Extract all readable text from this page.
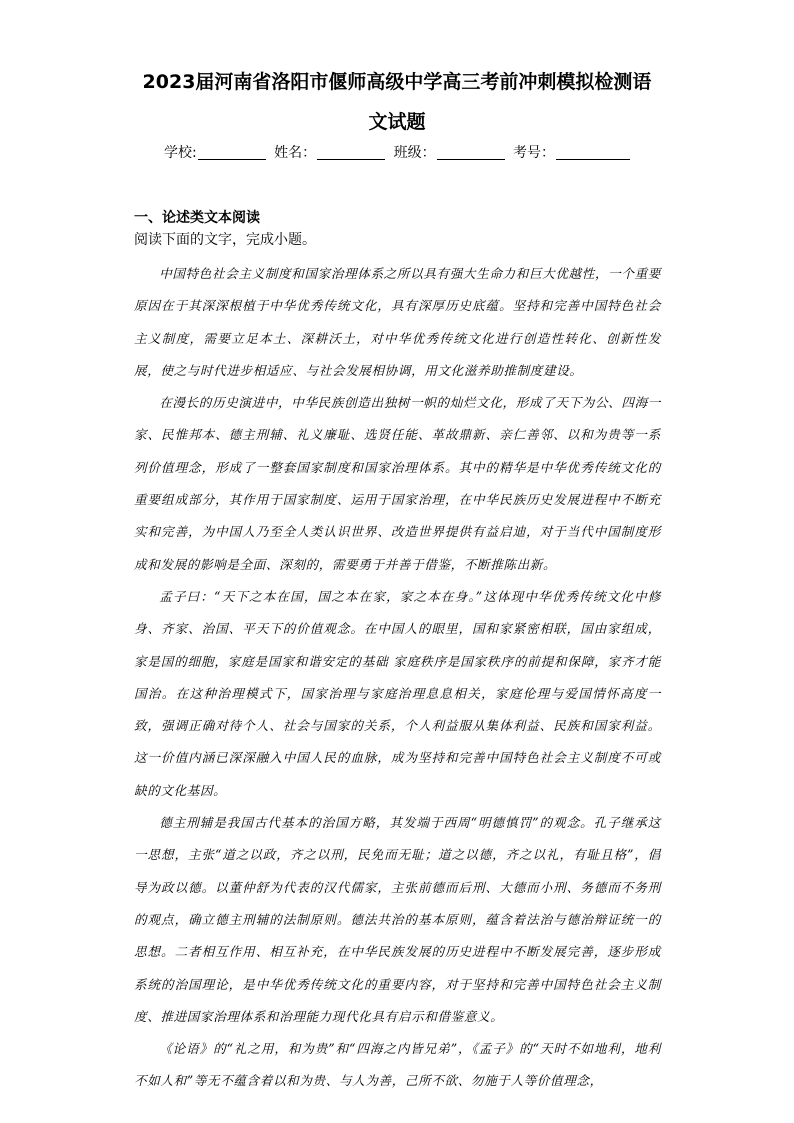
2023届河南省洛阳市偃师高级中学高三考前冲刺模拟检测语
文试题
学校:	姓名：	班级：	考号：
一、论述类文本阅读
阅读下面的文字，完成小题。

中国特色社会主义制度和国家治理体系之所以具有强大生命力和巨大优越性，一个重要原因在于其深深根植于中华优秀传统文化，具有深厚历史底蕴。坚持和完善中国特色社会主义制度，需要立足本土、深耕沃土，对中华优秀传统文化进行创造性转化、创新性发展，使之与时代进步相适应、与社会发展相协调，用文化滋养助推制度建设。

在漫长的历史演进中，中华民族创造出独树一帜的灿烂文化，形成了天下为公、四海一家、民惟邦本、德主刑辅、礼义廉耻、选贤任能、革故鼎新、亲仁善邻、以和为贵等一系列价值理念，形成了一整套国家制度和国家治理体系。其中的精华是中华优秀传统文化的重要组成部分，其作用于国家制度、运用于国家治理，在中华民族历史发展进程中不断充实和完善，为中国人乃至全人类认识世界、改造世界提供有益启迪，对于当代中国制度形成和发展的影响是全面、深刻的，需要勇于并善于借鉴，不断推陈出新。

孟子曰：“天下之本在国，国之本在家，家之本在身。”这体现中华优秀传统文化中修身、齐家、治国、平天下的价值观念。在中国人的眼里，国和家紧密相联，国由家组成，家是国的细胞，家庭是国家和谐安定的基础 家庭秩序是国家秩序的前提和保障，家齐才能国治。在这种治理模式下，国家治理与家庭治理息息相关，家庭伦理与爱国情怀高度一致，强调正确对待个人、社会与国家的关系，个人利益服从集体利益、民族和国家利益。这一价值内涵已深深融入中国人民的血脉，成为坚持和完善中国特色社会主义制度不可或缺的文化基因。

德主刑辅是我国古代基本的治国方略，其发端于西周“明德慎罚”的观念。孔子继承这一思想，主张“道之以政，齐之以刑，民免而无耻；道之以德，齐之以礼，有耻且格”，倡导为政以德。以董仲舒为代表的汉代儒家，主张前德而后刑、大德而小刑、务德而不务刑的观点，确立德主刑辅的法制原则。德法共治的基本原则，蕴含着法治与德治辩证统一的思想。二者相互作用、相互补充，在中华民族发展的历史进程中不断发展完善，逐步形成系统的治国理论，是中华优秀传统文化的重要内容，对于坚持和完善中国特色社会主义制度、推进国家治理体系和治理能力现代化具有启示和借鉴意义。

《论语》的“礼之用，和为贵”和“四海之内皆兄弟”，《孟子》的“天时不如地利，地利不如人和”等无不蕴含着以和为贵、与人为善，己所不欲、勿施于人等价值理念，
